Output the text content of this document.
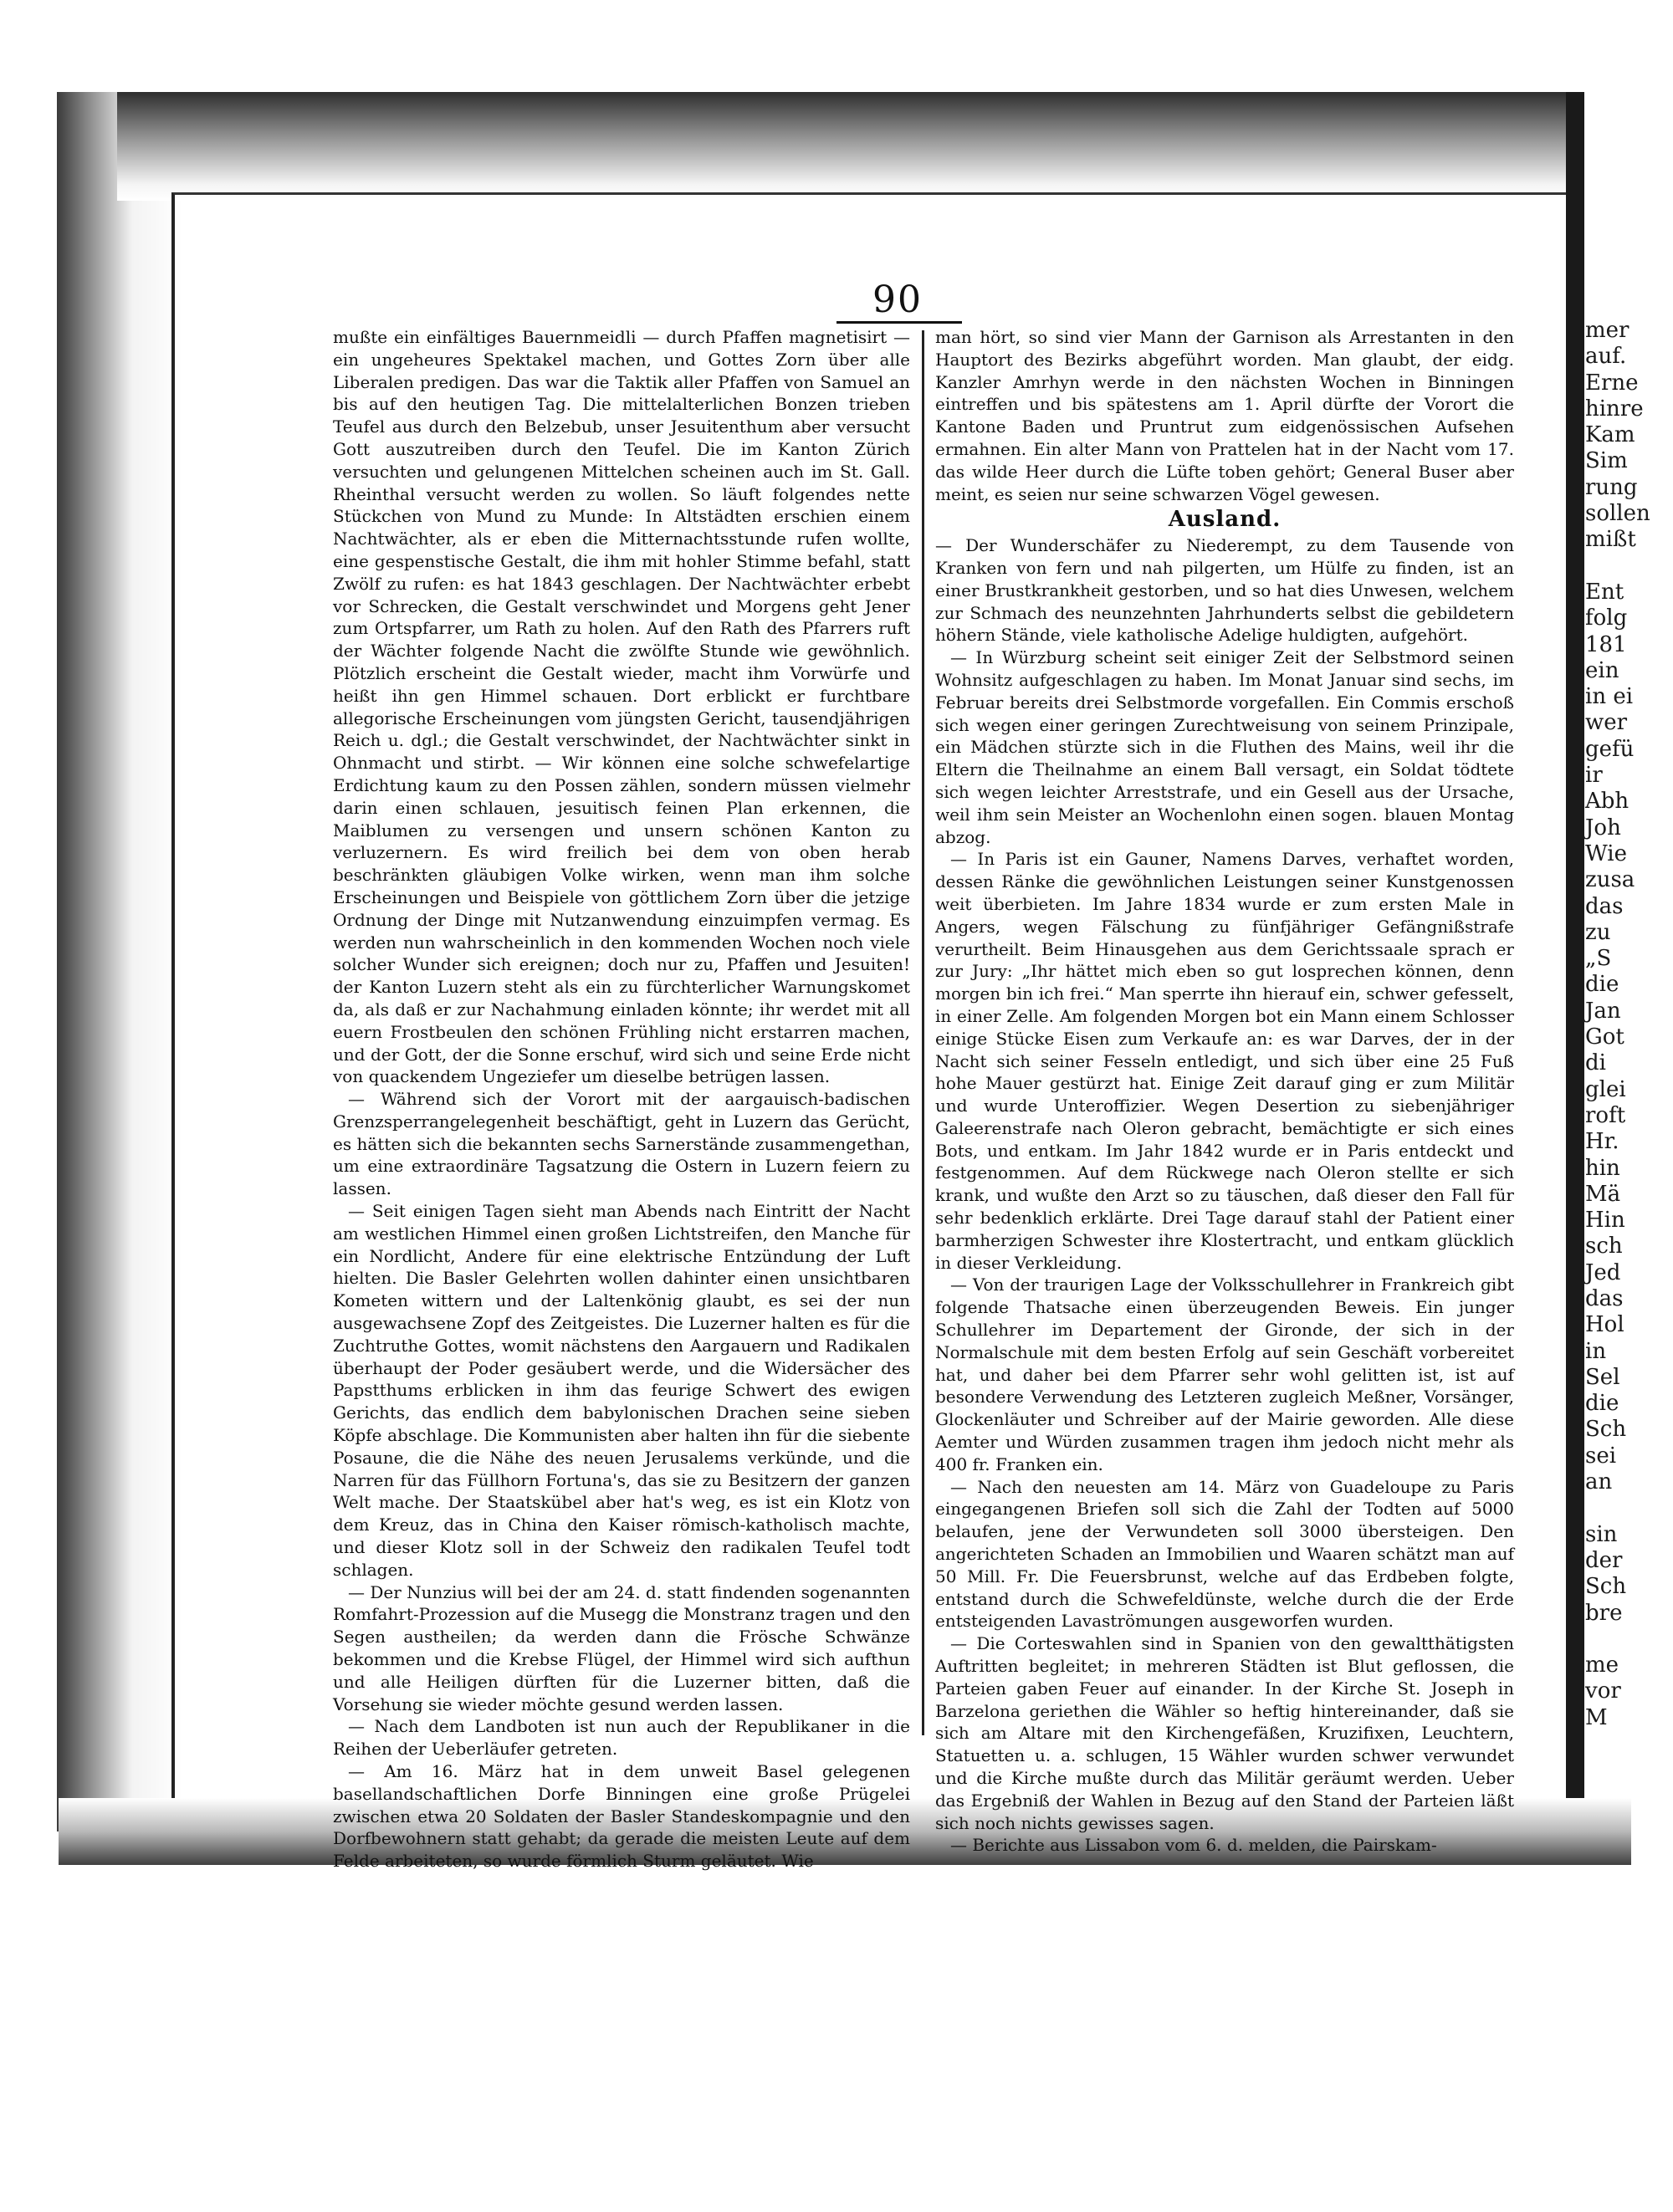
mer
auf.
Erne
hinre
Kam
Sim
rung
sollen
mißt

Ent
folg
181
ein
in ei
wer
gefü
ir
Abh
Joh
Wie
zusa
das
zu
„S
die
Jan
Got
di
glei
roft
Hr.
hin
Mä
Hin
sch
Jed
das
Hol
in
Sel
die
Sch
sei
an

sin
der
Sch
bre

me
vor
M
90

mußte ein einfältiges Bauernmeidli — durch Pfaffen magnetisirt — ein ungeheures Spektakel machen, und Gottes Zorn über alle Liberalen predigen. Das war die Taktik aller Pfaffen von Samuel an bis auf den heutigen Tag. Die mittelalterlichen Bonzen trieben Teufel aus durch den Belzebub, unser Jesuitenthum aber versucht Gott auszutreiben durch den Teufel. Die im Kanton Zürich versuchten und gelungenen Mittelchen scheinen auch im St. Gall. Rheinthal versucht werden zu wollen. So läuft folgendes nette Stückchen von Mund zu Munde: In Altstädten erschien einem Nachtwächter, als er eben die Mitternachtsstunde rufen wollte, eine gespenstische Gestalt, die ihm mit hohler Stimme befahl, statt Zwölf zu rufen: es hat 1843 geschlagen. Der Nachtwächter erbebt vor Schrecken, die Gestalt verschwindet und Morgens geht Jener zum Ortspfarrer, um Rath zu holen. Auf den Rath des Pfarrers ruft der Wächter folgende Nacht die zwölfte Stunde wie gewöhnlich. Plötzlich erscheint die Gestalt wieder, macht ihm Vorwürfe und heißt ihn gen Himmel schauen. Dort erblickt er furchtbare allegorische Erscheinungen vom jüngsten Gericht, tausendjährigen Reich u. dgl.; die Gestalt verschwindet, der Nachtwächter sinkt in Ohnmacht und stirbt. — Wir können eine solche schwefelartige Erdichtung kaum zu den Possen zählen, sondern müssen vielmehr darin einen schlauen, jesuitisch feinen Plan erkennen, die Maiblumen zu versengen und unsern schönen Kanton zu verluzernern. Es wird freilich bei dem von oben herab beschränkten gläubigen Volke wirken, wenn man ihm solche Erscheinungen und Beispiele von göttlichem Zorn über die jetzige Ordnung der Dinge mit Nutzanwendung einzuimpfen vermag. Es werden nun wahrscheinlich in den kommenden Wochen noch viele solcher Wunder sich ereignen; doch nur zu, Pfaffen und Jesuiten! der Kanton Luzern steht als ein zu fürchterlicher Warnungskomet da, als daß er zur Nachahmung einladen könnte; ihr werdet mit all euern Frostbeulen den schönen Frühling nicht erstarren machen, und der Gott, der die Sonne erschuf, wird sich und seine Erde nicht von quackendem Ungeziefer um dieselbe betrügen lassen.

— Während sich der Vorort mit der aargauisch-badischen Grenzsperrangelegenheit beschäftigt, geht in Luzern das Gerücht, es hätten sich die bekannten sechs Sarnerstände zusammengethan, um eine extraordinäre Tagsatzung die Ostern in Luzern feiern zu lassen.

— Seit einigen Tagen sieht man Abends nach Eintritt der Nacht am westlichen Himmel einen großen Lichtstreifen, den Manche für ein Nordlicht, Andere für eine elektrische Entzündung der Luft hielten. Die Basler Gelehrten wollen dahinter einen unsichtbaren Kometen wittern und der Laltenkönig glaubt, es sei der nun ausgewachsene Zopf des Zeitgeistes. Die Luzerner halten es für die Zuchtruthe Gottes, womit nächstens den Aargauern und Radikalen überhaupt der Poder gesäubert werde, und die Widersächer des Papstthums erblicken in ihm das feurige Schwert des ewigen Gerichts, das endlich dem babylonischen Drachen seine sieben Köpfe abschlage. Die Kommunisten aber halten ihn für die siebente Posaune, die die Nähe des neuen Jerusalems verkünde, und die Narren für das Füllhorn Fortuna's, das sie zu Besitzern der ganzen Welt mache. Der Staatskübel aber hat's weg, es ist ein Klotz von dem Kreuz, das in China den Kaiser römisch-katholisch machte, und dieser Klotz soll in der Schweiz den radikalen Teufel todt schlagen.

— Der Nunzius will bei der am 24. d. statt findenden sogenannten Romfahrt-Prozession auf die Musegg die Monstranz tragen und den Segen austheilen; da werden dann die Frösche Schwänze bekommen und die Krebse Flügel, der Himmel wird sich aufthun und alle Heiligen dürften für die Luzerner bitten, daß die Vorsehung sie wieder möchte gesund werden lassen.

— Nach dem Landboten ist nun auch der Republikaner in die Reihen der Ueberläufer getreten.

— Am 16. März hat in dem unweit Basel gelegenen basellandschaftlichen Dorfe Binningen eine große Prügelei zwischen etwa 20 Soldaten der Basler Standeskompagnie und den Dorfbewohnern statt gehabt; da gerade die meisten Leute auf dem Felde arbeiteten, so wurde förmlich Sturm geläutet. Wie

man hört, so sind vier Mann der Garnison als Arrestanten in den Hauptort des Bezirks abgeführt worden. Man glaubt, der eidg. Kanzler Amrhyn werde in den nächsten Wochen in Binningen eintreffen und bis spätestens am 1. April dürfte der Vorort die Kantone Baden und Pruntrut zum eidgenössischen Aufsehen ermahnen. Ein alter Mann von Prattelen hat in der Nacht vom 17. das wilde Heer durch die Lüfte toben gehört; General Buser aber meint, es seien nur seine schwarzen Vögel gewesen.

Ausland.

— Der Wunderschäfer zu Niederempt, zu dem Tausende von Kranken von fern und nah pilgerten, um Hülfe zu finden, ist an einer Brustkrankheit gestorben, und so hat dies Unwesen, welchem zur Schmach des neunzehnten Jahrhunderts selbst die gebildetern höhern Stände, viele katholische Adelige huldigten, aufgehört.

— In Würzburg scheint seit einiger Zeit der Selbstmord seinen Wohnsitz aufgeschlagen zu haben. Im Monat Januar sind sechs, im Februar bereits drei Selbstmorde vorgefallen. Ein Commis erschoß sich wegen einer geringen Zurechtweisung von seinem Prinzipale, ein Mädchen stürzte sich in die Fluthen des Mains, weil ihr die Eltern die Theilnahme an einem Ball versagt, ein Soldat tödtete sich wegen leichter Arreststrafe, und ein Gesell aus der Ursache, weil ihm sein Meister an Wochenlohn einen sogen. blauen Montag abzog.

— In Paris ist ein Gauner, Namens Darves, verhaftet worden, dessen Ränke die gewöhnlichen Leistungen seiner Kunstgenossen weit überbieten. Im Jahre 1834 wurde er zum ersten Male in Angers, wegen Fälschung zu fünfjähriger Gefängnißstrafe verurtheilt. Beim Hinausgehen aus dem Gerichtssaale sprach er zur Jury: „Ihr hättet mich eben so gut losprechen können, denn morgen bin ich frei.“ Man sperrte ihn hierauf ein, schwer gefesselt, in einer Zelle. Am folgenden Morgen bot ein Mann einem Schlosser einige Stücke Eisen zum Verkaufe an: es war Darves, der in der Nacht sich seiner Fesseln entledigt, und sich über eine 25 Fuß hohe Mauer gestürzt hat. Einige Zeit darauf ging er zum Militär und wurde Unteroffizier. Wegen Desertion zu siebenjähriger Galeerenstrafe nach Oleron gebracht, bemächtigte er sich eines Bots, und entkam. Im Jahr 1842 wurde er in Paris entdeckt und festgenommen. Auf dem Rückwege nach Oleron stellte er sich krank, und wußte den Arzt so zu täuschen, daß dieser den Fall für sehr bedenklich erklärte. Drei Tage darauf stahl der Patient einer barmherzigen Schwester ihre Klostertracht, und entkam glücklich in dieser Verkleidung.

— Von der traurigen Lage der Volksschullehrer in Frankreich gibt folgende Thatsache einen überzeugenden Beweis. Ein junger Schullehrer im Departement der Gironde, der sich in der Normalschule mit dem besten Erfolg auf sein Geschäft vorbereitet hat, und daher bei dem Pfarrer sehr wohl gelitten ist, ist auf besondere Verwendung des Letzteren zugleich Meßner, Vorsänger, Glockenläuter und Schreiber auf der Mairie geworden. Alle diese Aemter und Würden zusammen tragen ihm jedoch nicht mehr als 400 fr. Franken ein.

— Nach den neuesten am 14. März von Guadeloupe zu Paris eingegangenen Briefen soll sich die Zahl der Todten auf 5000 belaufen, jene der Verwundeten soll 3000 übersteigen. Den angerichteten Schaden an Immobilien und Waaren schätzt man auf 50 Mill. Fr. Die Feuersbrunst, welche auf das Erdbeben folgte, entstand durch die Schwefeldünste, welche durch die der Erde entsteigenden Lavaströmungen ausgeworfen wurden.

— Die Corteswahlen sind in Spanien von den gewaltthätigsten Auftritten begleitet; in mehreren Städten ist Blut geflossen, die Parteien gaben Feuer auf einander. In der Kirche St. Joseph in Barzelona geriethen die Wähler so heftig hintereinander, daß sie sich am Altare mit den Kirchengefäßen, Kruzifixen, Leuchtern, Statuetten u. a. schlugen, 15 Wähler wurden schwer verwundet und die Kirche mußte durch das Militär geräumt werden. Ueber das Ergebniß der Wahlen in Bezug auf den Stand der Parteien läßt sich noch nichts gewisses sagen.

— Berichte aus Lissabon vom 6. d. melden, die Pairskam-
